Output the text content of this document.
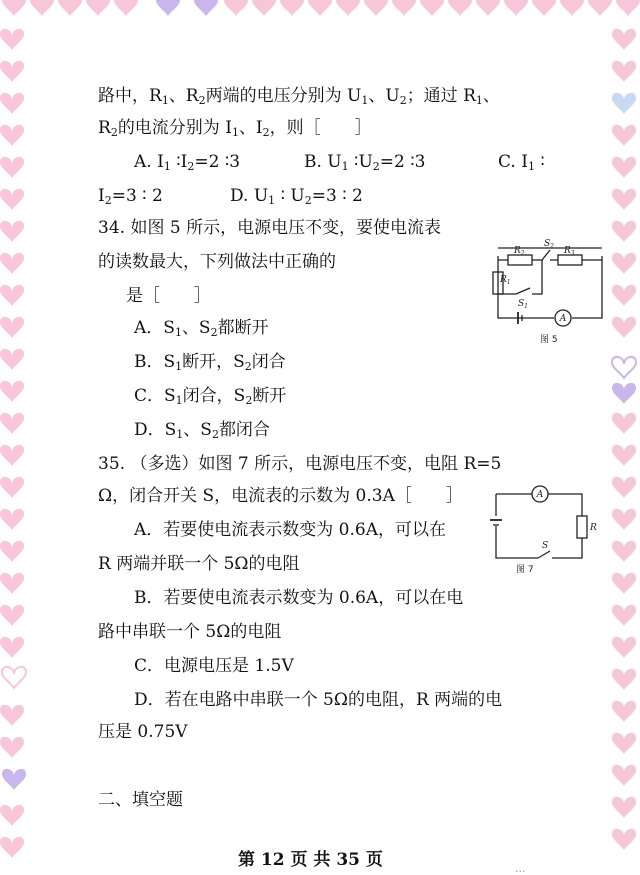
路中，$R_1$、$R_2$两端的电压分别为 $U_1$、$U_2$；通过 $R_1$、
$R_2$的电流分别为 $I_1$、$I_2$，则［　　］
A. $I_1$ $∶I_2=2$ ∶3	B. $U_1$ $∶U_2=2$ ∶3	C. $I_1$ ∶
$I_2=3$ ∶ 2	D. $U_1$ ∶ $U_2=3$ ∶ 2
34. 如图 5 所示，电源电压不变，要使电流表
的读数最大，下列做法中正确的
是［　　］
A．$S_1$、$S_2$都断开
B．$S_1$断开，$S_2$闭合
C．$S_1$闭合，$S_2$断开
D．$S_1$、$S_2$都闭合
A
$R_2$	$R_3$
$S_2$
$R_1$
$S_1$
图 5
35. （多选）如图 7 所示，电源电压不变，电阻 R=5
Ω，闭合开关 S，电流表的示数为 0.3A［　　］
A．若要使电流表示数变为 0.6A，可以在
R 两端并联一个 5Ω的电阻
B．若要使电流表示数变为 0.6A，可以在电
路中串联一个 5Ω的电阻
C．电源电压是 1.5V
D．若在电路中串联一个 5Ω的电阻，R 两端的电
压是 0.75V
A
R
S
图 7
二、填空题
第 12 页 共 35 页	...
